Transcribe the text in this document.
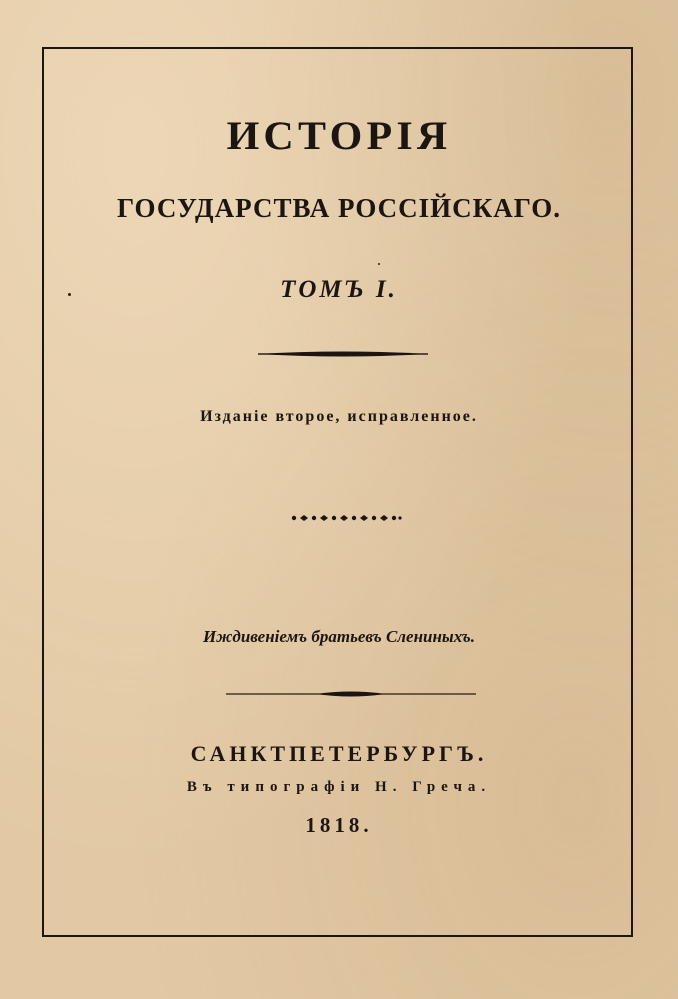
ИСТОРІЯ
ГОСУДАРСТВА РОССІЙСКАГО.
ТОМЪ I.
Изданіе второе, исправленное.
Иждивеніемъ братьевъ Слениныхъ.
САНКТПЕТЕРБУРГЪ.
Въ типографіи Н. Греча.
1818.
